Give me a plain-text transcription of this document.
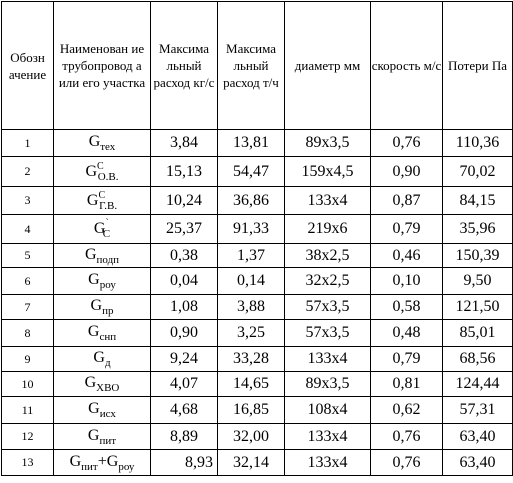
Обозн ачение	Наименован ие трубопровод а или его участка	Максима льный расход кг/с	Максима льный расход т/ч	диаметр мм	скорость м/с	Потери Па
1	$G_{тех}$	3,84	13,81	89х3,5	0,76	110,36
2	$G^С_{О.В.}$	15,13	54,47	159х4,5	0,90	70,02
3	$G^С_{Г.В.}$	10,24	36,86	133х4	0,87	84,15
4	$G^`_С$	25,37	91,33	219х6	0,79	35,96
5	$G_{подп}$	0,38	1,37	38х2,5	0,46	150,39
6	$G_{роу}$	0,04	0,14	32х2,5	0,10	9,50
7	$G_{пр}$	1,08	3,88	57х3,5	0,58	121,50
8	$G_{снп}$	0,90	3,25	57х3,5	0,48	85,01
9	$G_д$	9,24	33,28	133х4	0,79	68,56
10	$G_{ХВО}$	4,07	14,65	89х3,5	0,81	124,44
11	$G_{исх}$	4,68	16,85	108х4	0,62	57,31
12	$G_{пит}$	8,89	32,00	133х4	0,76	63,40
13	$G_{пит}+G_{роу}$	8,93	32,14	133х4	0,76	63,40
